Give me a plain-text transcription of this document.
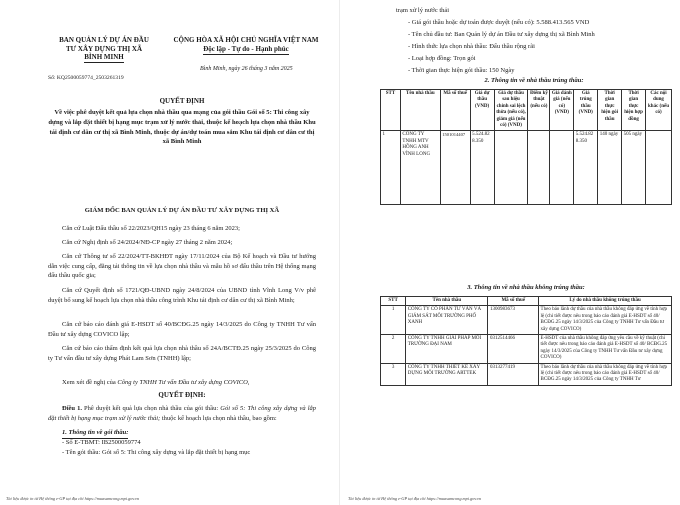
BAN QUẢN LÝ DỰ ÁN ĐẦU
TƯ XÂY DỰNG THỊ XÃ
BÌNH MINH
CỘNG HÒA XÃ HỘI CHỦ NGHĨA VIỆT NAM
Độc lập - Tự do - Hạnh phúc
Bình Minh, ngày 26 tháng 3 năm 2025
Số: KQ2500059774_2503261319
QUYẾT ĐỊNH
Về việc phê duyệt kết quả lựa chọn nhà thầu qua mạng của gói thầu Gói số 5: Thi công xây dựng và lắp đặt thiết bị hạng mục trạm xử lý nước thải, thuộc kế hoạch lựa chọn nhà thầu Khu tái định cư dân cư thị xã Bình Minh, thuộc dự án/dự toán mua sắm Khu tái định cư dân cư thị xã Bình Minh
GIÁM ĐỐC BAN QUẢN LÝ DỰ ÁN ĐẦU TƯ XÂY DỰNG THỊ XÃ
Căn cứ Luật Đấu thầu số 22/2023/QH15 ngày 23 tháng 6 năm 2023;
Căn cứ Nghị định số 24/2024/NĐ-CP ngày 27 tháng 2 năm 2024;
Căn cứ Thông tư số 22/2024/TT-BKHĐT ngày 17/11/2024 của Bộ Kế hoạch và Đầu tư hướng dẫn việc cung cấp, đăng tải thông tin về lựa chọn nhà thầu và mẫu hồ sơ đấu thầu trên Hệ thống mạng đấu thầu quốc gia;
Căn cứ Quyết định số 1721/QĐ-UBND ngày 24/8/2024 của UBND tỉnh Vĩnh Long V/v phê duyệt bổ sung kế hoạch lựa chọn nhà thầu công trình Khu tái định cư dân cư thị xã Bình Minh;
Căn cứ báo cáo đánh giá E-HSDT số 40/BCĐG.25 ngày 14/3/2025 do Công ty TNHH Tư vấn Đầu tư xây dựng COVICO lập;
Căn cứ báo cáo thẩm định kết quả lựa chọn nhà thầu số 24A/BCTĐ.25 ngày 25/3/2025 do Công ty Tư vấn đầu tư xây dựng Phát Lam Sơn (TNHH) lập;
Xem xét đề nghị của Công ty TNHH Tư vấn Đầu tư xây dựng COVICO,
QUYẾT ĐỊNH:
Điều 1. Phê duyệt kết quả lựa chọn nhà thầu của gói thầu: Gói số 5: Thi công xây dựng và lắp đặt thiết bị hạng mục trạm xử lý nước thải; thuộc kế hoạch lựa chọn nhà thầu, bao gồm:
1. Thông tin về gói thầu:
- Số E-TBMT: IB2500059774
- Tên gói thầu: Gói số 5: Thi công xây dựng và lắp đặt thiết bị hạng mục
Tài liệu được in từ Hệ thống e-GP tại địa chỉ https://muasamcong.mpi.gov.vn
trạm xử lý nước thải
- Giá gói thầu hoặc dự toán được duyệt (nếu có): 5.588.413.565 VND
- Tên chủ đầu tư: Ban Quản lý dự án Đầu tư xây dựng thị xã Bình Minh
- Hình thức lựa chọn nhà thầu: Đấu thầu rộng rãi
- Loại hợp đồng: Trọn gói
- Thời gian thực hiện gói thầu: 150 Ngày
2. Thông tin về nhà thầu trúng thầu:
STT	Tên nhà thầu	Mã số thuế	Giá dự thầu (VND)	Giá dự thầu sau hiệu chỉnh sai lệch thừa (nếu có), giảm giá (nếu có) (VND)	Điểm kỹ thuật (nếu có)	Giá đánh giá (nếu có) (VND)	Giá trúng thầu (VND)	Thời gian thực hiện gói thầu	Thời gian thực hiện hợp đồng	Các nội dung khác (nếu có)
1	CÔNG TY TNHH MTV HỒNG ANH VĨNH LONG	1501014407	5.524.828.350				5.524.828.350	140 ngày	505 ngày	
3. Thông tin về nhà thầu không trúng thầu:
STT	Tên nhà thầu	Mã số thuế	Lý do nhà thầu không trúng thầu
1	CÔNG TY CỔ PHẦN TƯ VẤN VÀ GIÁM SÁT MÔI TRƯỜNG PHỐ XANH	1300983673	Theo báo lãnh dự thầu của nhà thầu không đáp ứng về tính hợp lệ (chi tiết được nêu trong báo cáo đánh giá E-HSDT số 40/ BCĐG.25 ngày 14/3/2025 của Công ty TNHH Tư vấn Đầu tư xây dựng COVICO)
2	CÔNG TY TNHH GIẢI PHÁP MÔI TRƯỜNG ĐẠI NAM	0312514466	E-HSDT của nhà thầu không đáp ứng yêu cầu về kỹ thuật (chi tiết được nêu trong báo cáo đánh giá E-HSDT số 40/ BCĐG.25 ngày 14/3/2025 của Công ty TNHH Tư vấn Đầu tư xây dựng COVICO)
3	CÔNG TY TNHH THIẾT KẾ XÂY DỰNG MÔI TRƯỜNG ARTTEK	0313277419	Theo báo lãnh dự thầu của nhà thầu không đáp ứng về tính hợp lệ (chi tiết được nêu trong báo cáo đánh giá E-HSDT số 40/ BCĐG.25 ngày 14/3/2025 của Công ty TNHH Tư
Tài liệu được in từ Hệ thống e-GP tại địa chỉ https://muasamcong.mpi.gov.vn
